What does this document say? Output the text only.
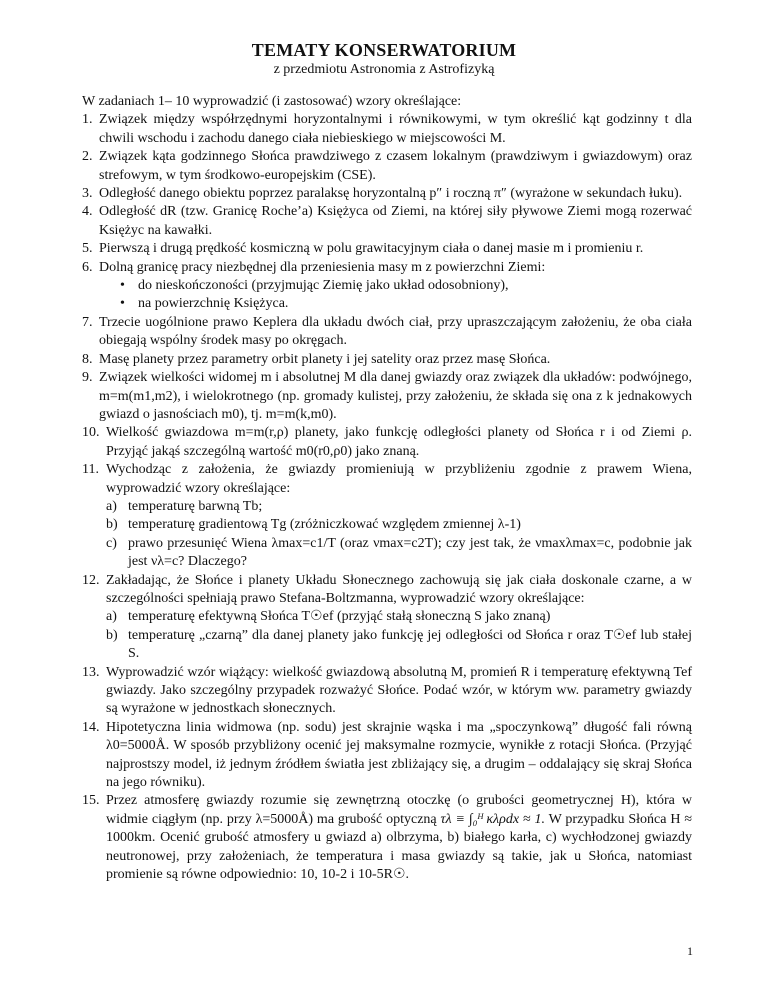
TEMATY KONSERWATORIUM
z przedmiotu Astronomia z Astrofizyką

W zadaniach 1– 10 wyprowadzić (i zastosować) wzory określające:

1. Związek między współrzędnymi horyzontalnymi i równikowymi, w tym określić kąt godzinny t dla chwili wschodu i zachodu danego ciała niebieskiego w miejscowości M.
2. Związek kąta godzinnego Słońca prawdziwego z czasem lokalnym (prawdziwym i gwiazdowym) oraz strefowym, w tym środkowo-europejskim (CSE).
3. Odległość danego obiektu poprzez paralaksę horyzontalną p″ i roczną π″ (wyrażone w sekundach łuku).
4. Odległość dR (tzw. Granicę Roche’a) Księżyca od Ziemi, na której siły pływowe Ziemi mogą rozerwać Księżyc na kawałki.
5. Pierwszą i drugą prędkość kosmiczną w polu grawitacyjnym ciała o danej masie m i promieniu r.
6. Dolną granicę pracy niezbędnej dla przeniesienia masy m z powierzchni Ziemi:
• do nieskończoności (przyjmując Ziemię jako układ odosobniony),
• na powierzchnię Księżyca.
7. Trzecie uogólnione prawo Keplera dla układu dwóch ciał, przy upraszczającym założeniu, że oba ciała obiegają wspólny środek masy po okręgach.
8. Masę planety przez parametry orbit planety i jej satelity oraz przez masę Słońca.
9. Związek wielkości widomej m i absolutnej M dla danej gwiazdy oraz związek dla układów: podwójnego, m=m(m1,m2), i wielokrotnego (np. gromady kulistej, przy założeniu, że składa się ona z k jednakowych gwiazd o jasnościach m0), tj. m=m(k,m0).
10. Wielkość gwiazdowa m=m(r,ρ) planety, jako funkcję odległości planety od Słońca r i od Ziemi ρ. Przyjąć jakąś szczególną wartość m0(r0,ρ0) jako znaną.
11. Wychodząc z założenia, że gwiazdy promieniują w przybliżeniu zgodnie z prawem Wiena, wyprowadzić wzory określające:
a) temperaturę barwną Tb;
b) temperaturę gradientową Tg (zróżniczkować względem zmiennej λ-1)
c) prawo przesunięć Wiena λmax=c1/T (oraz νmax=c2T); czy jest tak, że νmaxλmax=c, podobnie jak jest νλ=c? Dlaczego?
12. Zakładając, że Słońce i planety Układu Słonecznego zachowują się jak ciała doskonale czarne, a w szczególności spełniają prawo Stefana-Boltzmanna, wyprowadzić wzory określające:
a) temperaturę efektywną Słońca T☉ef (przyjąć stałą słoneczną S jako znaną)
b) temperaturę „czarną” dla danej planety jako funkcję jej odległości od Słońca r oraz T☉ef lub stałej S.
13. Wyprowadzić wzór wiążący: wielkość gwiazdową absolutną M, promień R i temperaturę efektywną Tef gwiazdy. Jako szczególny przypadek rozważyć Słońce. Podać wzór, w którym ww. parametry gwiazdy są wyrażone w jednostkach słonecznych.
14. Hipotetyczna linia widmowa (np. sodu) jest skrajnie wąska i ma „spoczynkową” długość fali równą λ0=5000Å. W sposób przybliżony ocenić jej maksymalne rozmycie, wynikłe z rotacji Słońca. (Przyjąć najprostszy model, iż jednym źródłem światła jest zbliżający się, a drugim – oddalający się skraj Słońca na jego równiku).
15. Przez atmosferę gwiazdy rozumie się zewnętrzną otoczkę (o grubości geometrycznej H), która w widmie ciągłym (np. przy λ=5000Å) ma grubość optyczną τλ ≡ ∫₀ᴴ κλρdx ≈ 1. W przypadku Słońca H ≈ 1000km. Ocenić grubość atmosfery u gwiazd a) olbrzyma, b) białego karła, c) wychłodzonej gwiazdy neutronowej, przy założeniach, że temperatura i masa gwiazdy są takie, jak u Słońca, natomiast promienie są równe odpowiednio: 10, 10-2 i 10-5R☉.
1
